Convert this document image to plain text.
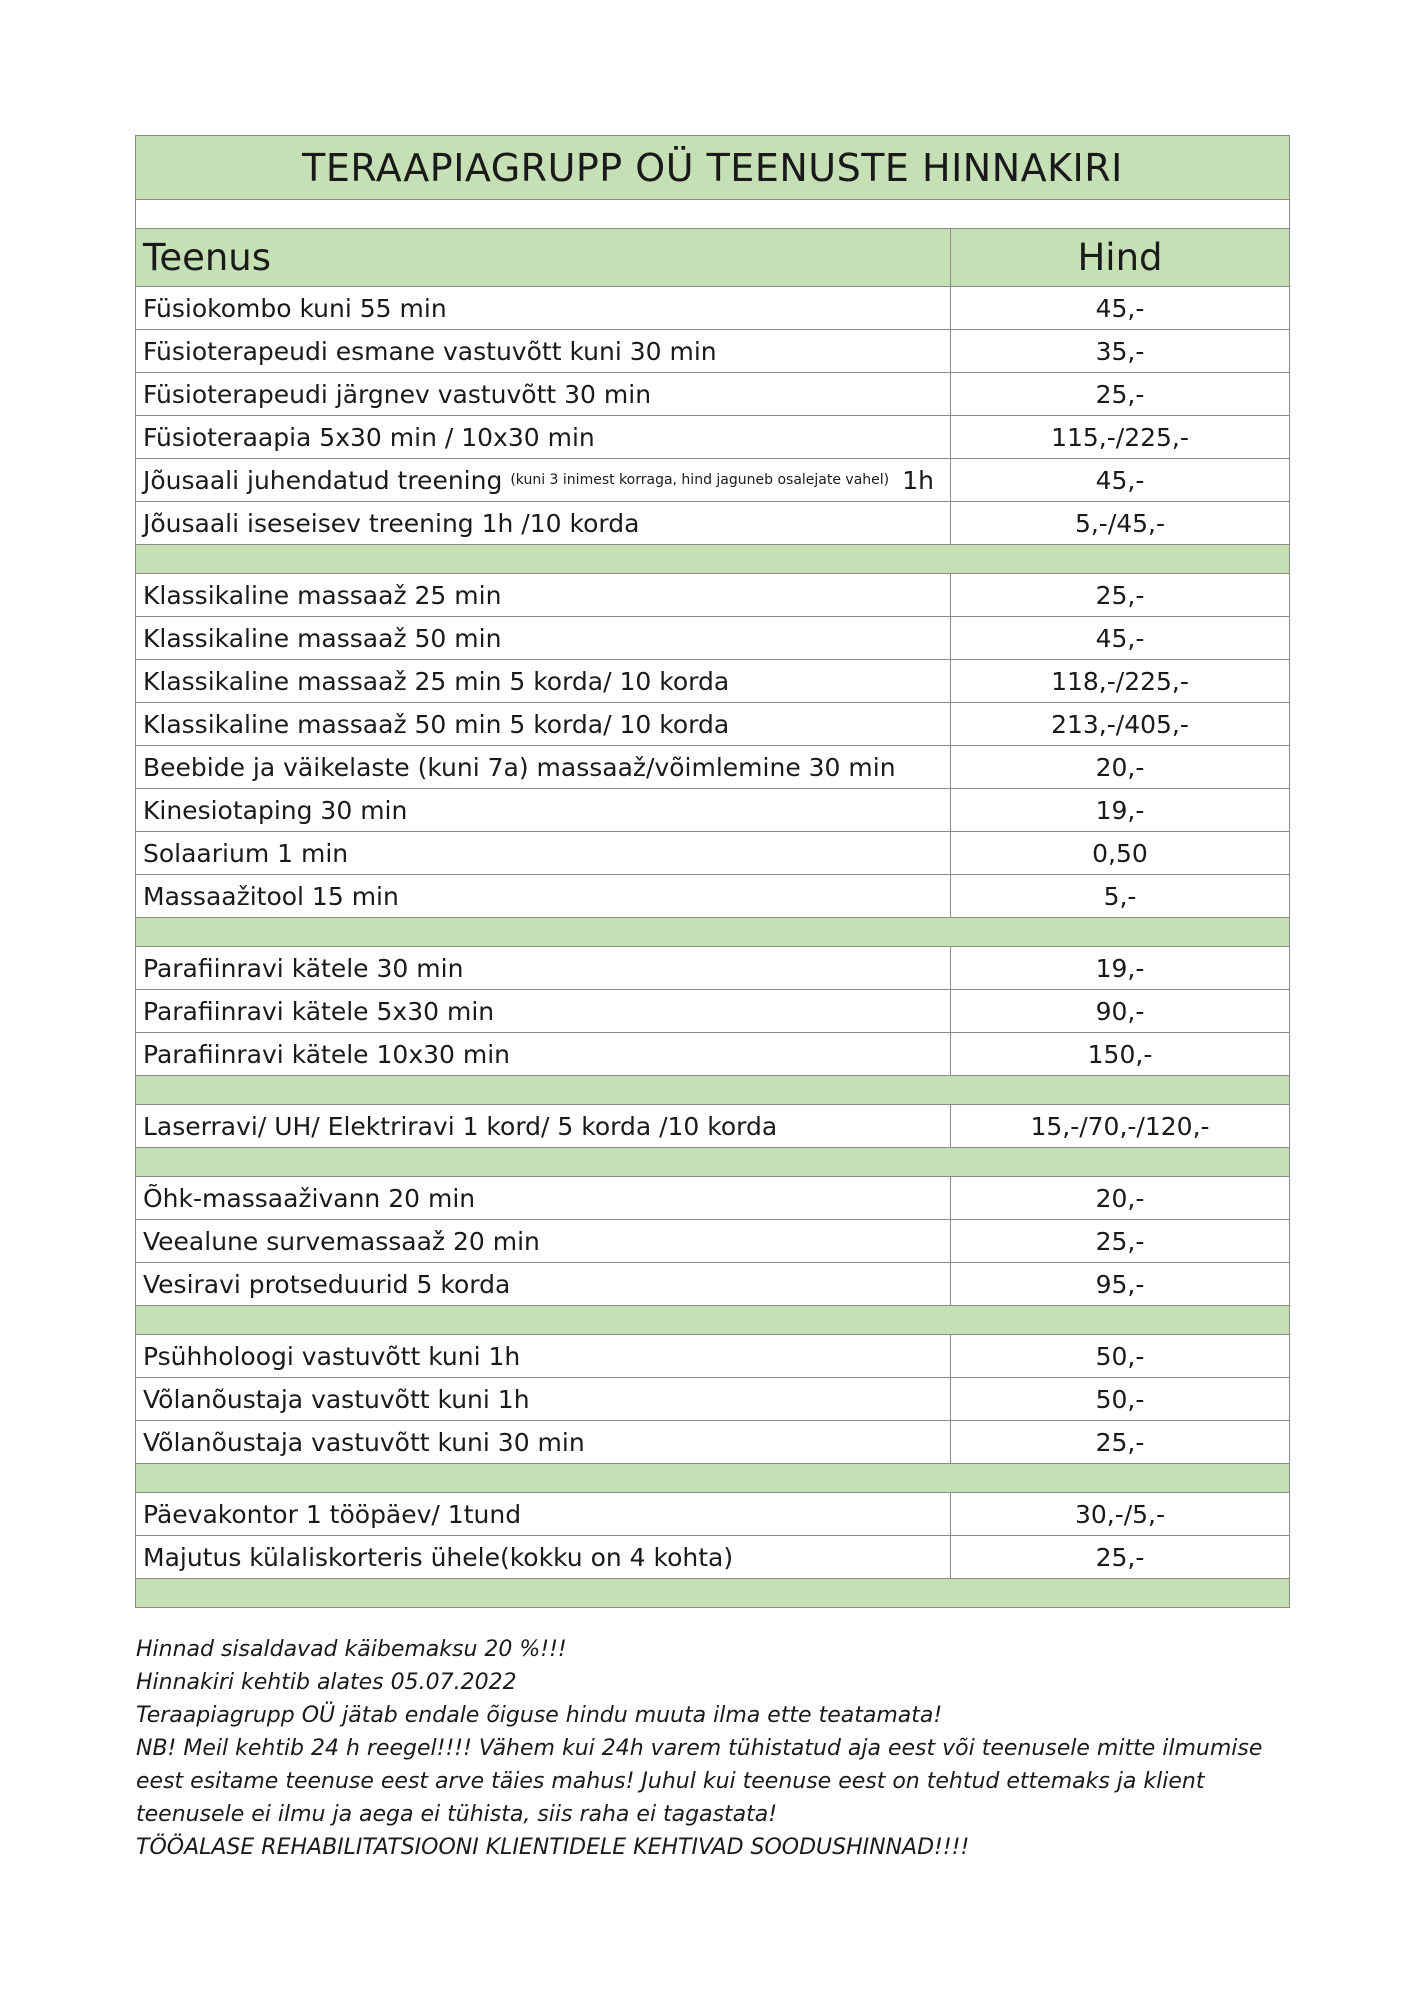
TERAAPIAGRUPP OÜ TEENUSTE HINNAKIRI
Teenus	Hind
Füsiokombo kuni 55 min	45,-
Füsioterapeudi esmane vastuvõtt kuni 30 min	35,-
Füsioterapeudi järgnev vastuvõtt 30 min	25,-
Füsioteraapia 5x30 min / 10x30 min	115,-/225,-
Jõusaali juhendatud treening (kuni 3 inimest korraga, hind jaguneb osalejate vahel) 1h	45,-
Jõusaali iseseisev treening 1h /10 korda	5,-/45,-
Klassikaline massaaž 25 min	25,-
Klassikaline massaaž 50 min	45,-
Klassikaline massaaž 25 min 5 korda/ 10 korda	118,-/225,-
Klassikaline massaaž 50 min 5 korda/ 10 korda	213,-/405,-
Beebide ja väikelaste (kuni 7a) massaaž/võimlemine 30 min	20,-
Kinesiotaping 30 min	19,-
Solaarium 1 min	0,50
Massaažitool 15 min	5,-
Parafiinravi kätele 30 min	19,-
Parafiinravi kätele 5x30 min	90,-
Parafiinravi kätele 10x30 min	150,-
Laserravi/ UH/ Elektriravi 1 kord/ 5 korda /10 korda	15,-/70,-/120,-
Õhk-massaaživann 20 min	20,-
Veealune survemassaaž 20 min	25,-
Vesiravi protseduurid 5 korda	95,-
Psühholoogi vastuvõtt kuni 1h	50,-
Võlanõustaja vastuvõtt kuni 1h	50,-
Võlanõustaja vastuvõtt kuni 30 min	25,-
Päevakontor 1 tööpäev/ 1tund	30,-/5,-
Majutus külaliskorteris ühele(kokku on 4 kohta)	25,-
Hinnad sisaldavad käibemaksu 20 %!!!
Hinnakiri kehtib alates 05.07.2022
Teraapiagrupp OÜ jätab endale õiguse hindu muuta ilma ette teatamata!
NB! Meil kehtib 24 h reegel!!!! Vähem kui 24h varem tühistatud aja eest või teenusele mitte ilmumise
eest esitame teenuse eest arve täies mahus! Juhul kui teenuse eest on tehtud ettemaks ja klient
teenusele ei ilmu ja aega ei tühista, siis raha ei tagastata!
TÖÖALASE REHABILITATSIOONI KLIENTIDELE KEHTIVAD SOODUSHINNAD!!!!
